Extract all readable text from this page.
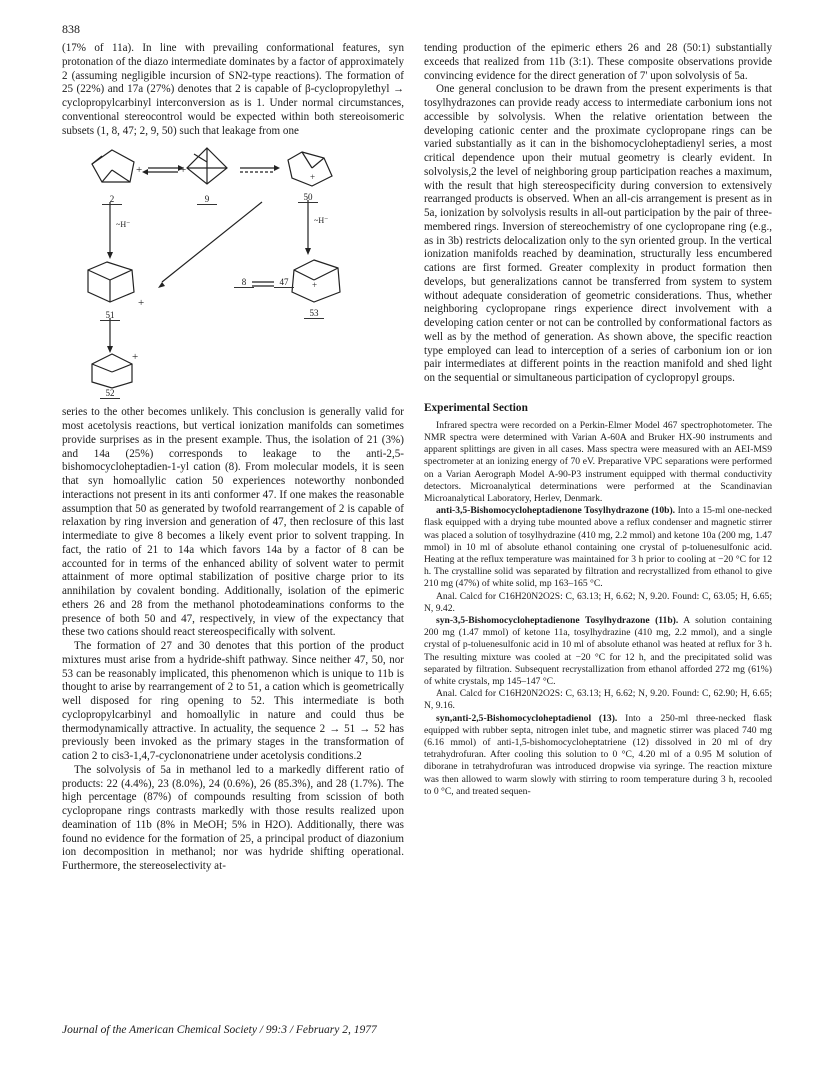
838

(17% of 11a). In line with prevailing conformational features, syn protonation of the diazo intermediate dominates by a factor of approximately 2 (assuming negligible incursion of SN2-type reactions). The formation of 25 (22%) and 17a (27%) denotes that 2 is capable of β-cyclopropylethyl → cyclopropylcarbinyl interconversion as is 1. Under normal circumstances, conventional stereocontrol would be expected within both stereoisomeric subsets (1, 8, 47; 2, 9, 50) such that leakage from one

+	+
+
+
+
+
2	9	50
51	53
52
8	47
~H⁻	~H⁻

series to the other becomes unlikely. This conclusion is generally valid for most acetolysis reactions, but vertical ionization manifolds can sometimes provide surprises as in the present example. Thus, the isolation of 21 (3%) and 14a (25%) corresponds to leakage to the anti-2,5-bishomocycloheptadien-1-yl cation (8). From molecular models, it is seen that syn homoallylic cation 50 experiences noteworthy nonbonded interactions not present in its anti conformer 47. If one makes the reasonable assumption that 50 as generated by twofold rearrangement of 2 is capable of relaxation by ring inversion and generation of 47, then reclosure of this last intermediate to give 8 becomes a likely event prior to solvent trapping. In fact, the ratio of 21 to 14a which favors 14a by a factor of 8 can be accounted for in terms of the enhanced ability of solvent water to permit attainment of more optimal stabilization of positive charge prior to its annihilation by covalent bonding. Additionally, isolation of the epimeric ethers 26 and 28 from the methanol photodeaminations conforms to the presence of both 50 and 47, respectively, in view of the expectancy that these two cations should react stereospecifically with solvent.

The formation of 27 and 30 denotes that this portion of the product mixtures must arise from a hydride-shift pathway. Since neither 47, 50, nor 53 can be reasonably implicated, this phenomenon which is unique to 11b is thought to arise by rearrangement of 2 to 51, a cation which is geometrically well disposed for ring opening to 52. This intermediate is both cyclopropylcarbinyl and homoallylic in nature and could thus be thermodynamically attractive. In actuality, the sequence 2 → 51 → 52 has previously been invoked as the primary stages in the transformation of cation 2 to cis3-1,4,7-cyclononatriene under acetolysis conditions.2

The solvolysis of 5a in methanol led to a markedly different ratio of products: 22 (4.4%), 23 (8.0%), 24 (0.6%), 26 (85.3%), and 28 (1.7%). The high percentage (87%) of compounds resulting from scission of both cyclopropane rings contrasts markedly with those results realized upon deamination of 11b (8% in MeOH; 5% in H2O). Additionally, there was found no evidence for the formation of 25, a principal product of diazonium ion decomposition in methanol; nor was hydride shifting operational. Furthermore, the stereoselectivity at-

tending production of the epimeric ethers 26 and 28 (50:1) substantially exceeds that realized from 11b (3:1). These composite observations provide convincing evidence for the direct generation of 7' upon solvolysis of 5a.

One general conclusion to be drawn from the present experiments is that tosylhydrazones can provide ready access to intermediate carbonium ions not accessible by solvolysis. When the relative orientation between the developing cationic center and the proximate cyclopropane rings can be varied substantially as it can in the bishomocycloheptadienyl series, a most critical dependence upon their mutual geometry is clearly evident. In solvolysis,2 the level of neighboring group participation reaches a maximum, with the result that high stereospecificity during conversion to extensively rearranged products is observed. When an all-cis arrangement is present as in 5a, ionization by solvolysis results in all-out participation by the pair of three-membered rings. Inversion of stereochemistry of one cyclopropane ring (e.g., as in 3b) restricts delocalization only to the syn oriented group. In the vertical ionization manifolds reached by deamination, structurally less encumbered cations are first formed. Greater complexity in product formation then develops, but generalizations cannot be transferred from system to system without adequate consideration of geometric considerations. Thus, whether neighboring cyclopropane rings experience direct involvement with a developing cation center or not can be controlled by conformational factors as well as by the method of generation. As shown above, the specific reaction type employed can lead to interception of a series of carbonium ion or ion pair intermediates at different points in the reaction manifold and shed light on the sequential or simultaneous participation of cyclopropyl groups.

Experimental Section

Infrared spectra were recorded on a Perkin-Elmer Model 467 spectrophotometer. The NMR spectra were determined with Varian A-60A and Bruker HX-90 instruments and apparent splittings are given in all cases. Mass spectra were measured with an AEI-MS9 spectrometer at an ionizing energy of 70 eV. Preparative VPC separations were performed on a Varian Aerograph Model A-90-P3 instrument equipped with thermal conductivity detectors. Microanalytical determinations were performed at the Scandinavian Microanalytical Laboratory, Herlev, Denmark.

anti-3,5-Bishomocycloheptadienone Tosylhydrazone (10b). Into a 15-ml one-necked flask equipped with a drying tube mounted above a reflux condenser and magnetic stirrer was placed a solution of tosylhydrazine (410 mg, 2.2 mmol) and ketone 10a (200 mg, 1.47 mmol) in 10 ml of absolute ethanol containing one crystal of p-toluenesulfonic acid. Heating at the reflux temperature was maintained for 3 h prior to cooling at −20 °C for 12 h. The crystalline solid was separated by filtration and recrystallized from ethanol to give 210 mg (47%) of white solid, mp 163–165 °C.

Anal. Calcd for C16H20N2O2S: C, 63.13; H, 6.62; N, 9.20. Found: C, 63.05; H, 6.65; N, 9.42.

syn-3,5-Bishomocycloheptadienone Tosylhydrazone (11b). A solution containing 200 mg (1.47 mmol) of ketone 11a, tosylhydrazine (410 mg, 2.2 mmol), and a single crystal of p-toluenesulfonic acid in 10 ml of absolute ethanol was heated at reflux for 3 h. The resulting mixture was cooled at −20 °C for 12 h, and the precipitated solid was separated by filtration. Subsequent recrystallization from ethanol afforded 272 mg (61%) of white crystals, mp 145–147 °C.

Anal. Calcd for C16H20N2O2S: C, 63.13; H, 6.62; N, 9.20. Found: C, 62.90; H, 6.65; N, 9.16.

syn,anti-2,5-Bishomocycloheptadienol (13). Into a 250-ml three-necked flask equipped with rubber septa, nitrogen inlet tube, and magnetic stirrer was placed 740 mg (6.16 mmol) of anti-1,5-bishomocycloheptatriene (12) dissolved in 20 ml of dry tetrahydrofuran. After cooling this solution to 0 °C, 4.20 ml of a 0.95 M solution of diborane in tetrahydrofuran was introduced dropwise via syringe. The reaction mixture was then allowed to warm slowly with stirring to room temperature during 3 h, recooled to 0 °C, and treated sequen-

Journal of the American Chemical Society / 99:3 / February 2, 1977
